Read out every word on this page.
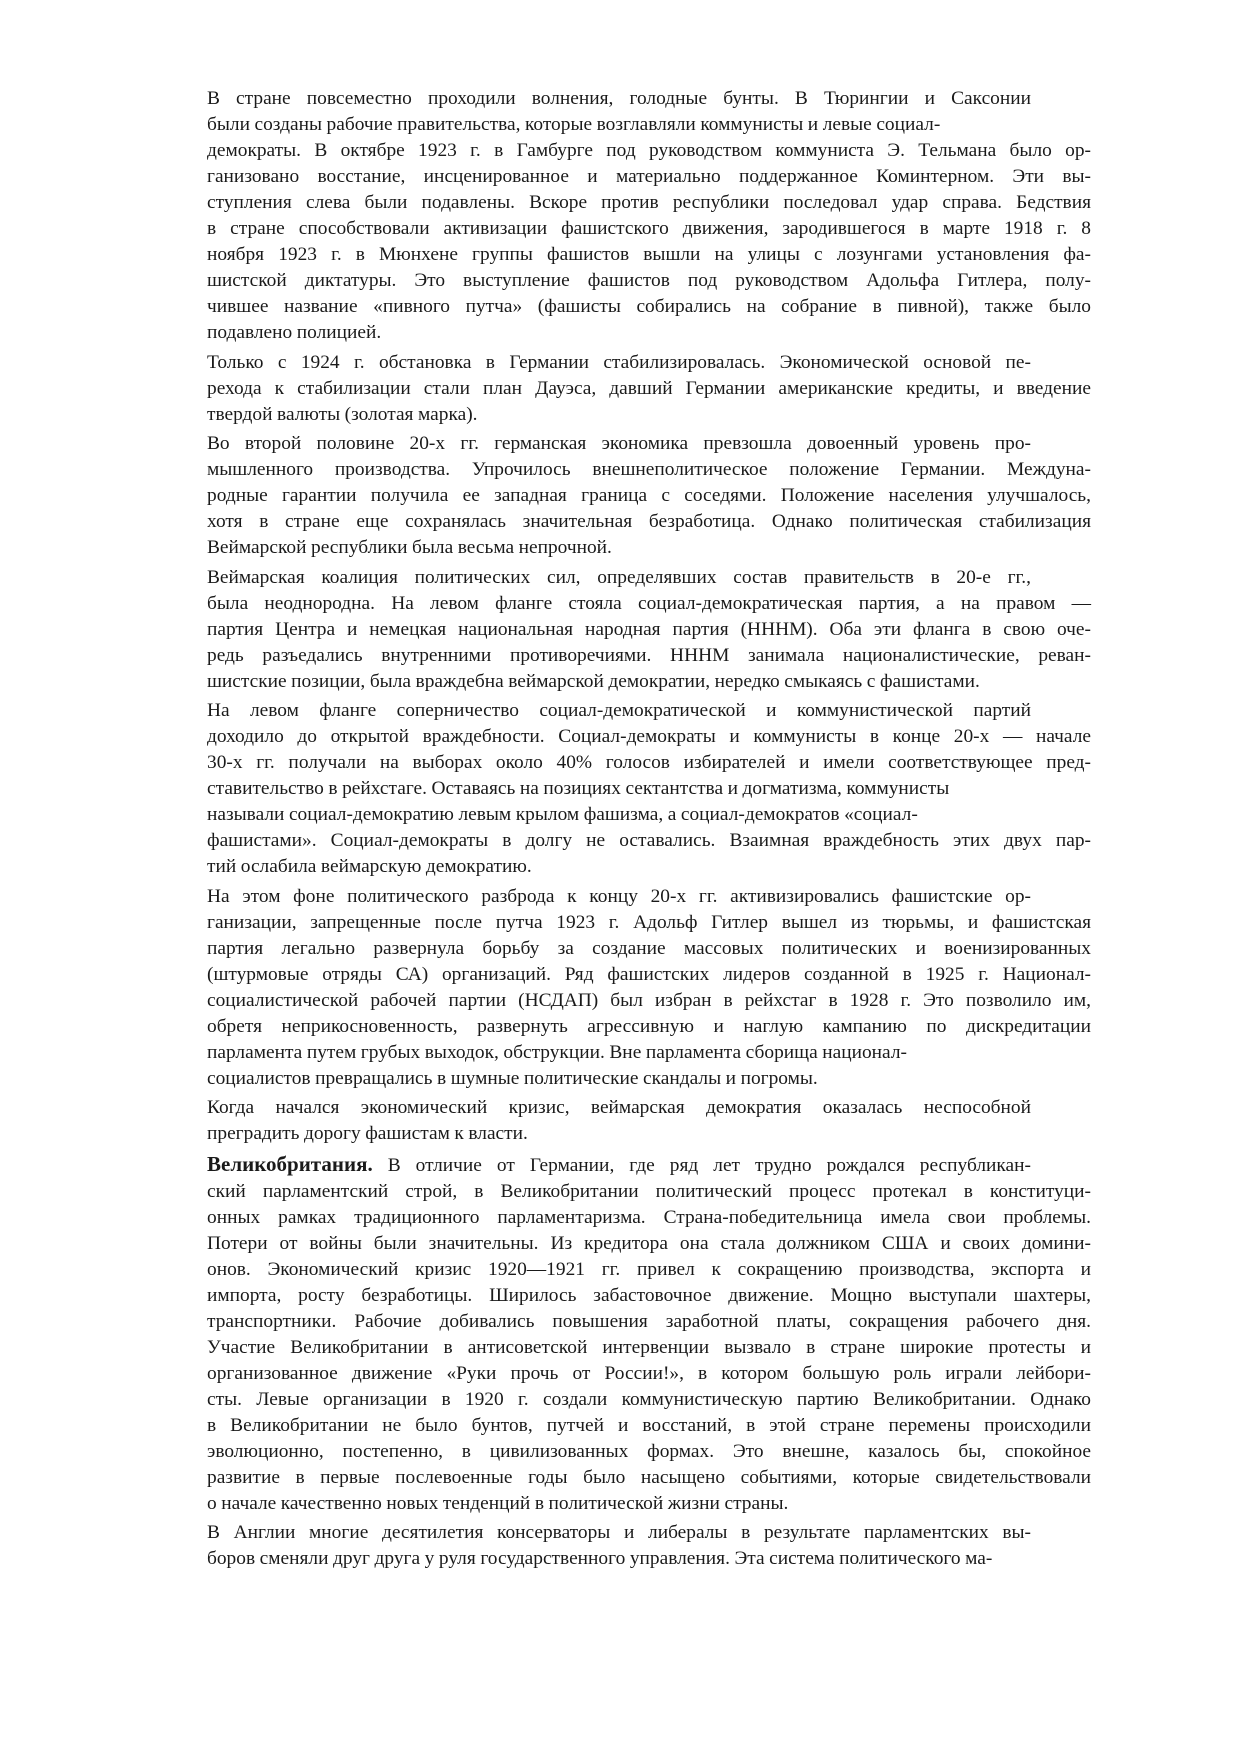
В стране повсеместно проходили волнения, голодные бунты. В Тюрингии и Саксонии
были созданы рабочие правительства, которые возглавляли коммунисты и левые социал-
демократы. В октябре 1923 г. в Гамбурге под руководством коммуниста Э. Тельмана было ор-
ганизовано восстание, инсценированное и материально поддержанное Коминтерном. Эти вы-
ступления слева были подавлены. Вскоре против республики последовал удар справа. Бедствия
в стране способствовали активизации фашистского движения, зародившегося в марте 1918 г. 8
ноября 1923 г. в Мюнхене группы фашистов вышли на улицы с лозунгами установления фа-
шистской диктатуры. Это выступление фашистов под руководством Адольфа Гитлера, полу-
чившее название «пивного путча» (фашисты собирались на собрание в пивной), также было
подавлено полицией.

Только с 1924 г. обстановка в Германии стабилизировалась. Экономической основой пе-
рехода к стабилизации стали план Дауэса, давший Германии американские кредиты, и введение
твердой валюты (золотая марка).

Во второй половине 20-х гг. германская экономика превзошла довоенный уровень про-
мышленного производства. Упрочилось внешнеполитическое положение Германии. Междуна-
родные гарантии получила ее западная граница с соседями. Положение населения улучшалось,
хотя в стране еще сохранялась значительная безработица. Однако политическая стабилизация
Веймарской республики была весьма непрочной.

Веймарская коалиция политических сил, определявших состав правительств в 20-е гг.,
была неоднородна. На левом фланге стояла социал-демократическая партия, а на правом —
партия Центра и немецкая национальная народная партия (НННМ). Оба эти фланга в свою оче-
редь разъедались внутренними противоречиями. НННМ занимала националистические, реван-
шистские позиции, была враждебна веймарской демократии, нередко смыкаясь с фашистами.

На левом фланге соперничество социал-демократической и коммунистической партий
доходило до открытой враждебности. Социал-демократы и коммунисты в конце 20-х — начале
30-х гг. получали на выборах около 40% голосов избирателей и имели соответствующее пред-
ставительство в рейхстаге. Оставаясь на позициях сектантства и догматизма, коммунисты
называли социал-демократию левым крылом фашизма, а социал-демократов «социал-
фашистами». Социал-демократы в долгу не оставались. Взаимная враждебность этих двух пар-
тий ослабила веймарскую демократию.

На этом фоне политического разброда к концу 20-х гг. активизировались фашистские ор-
ганизации, запрещенные после путча 1923 г. Адольф Гитлер вышел из тюрьмы, и фашистская
партия легально развернула борьбу за создание массовых политических и военизированных
(штурмовые отряды СА) организаций. Ряд фашистских лидеров созданной в 1925 г. Национал-
социалистической рабочей партии (НСДАП) был избран в рейхстаг в 1928 г. Это позволило им,
обретя неприкосновенность, развернуть агрессивную и наглую кампанию по дискредитации
парламента путем грубых выходок, обструкции. Вне парламента сборища национал-
социалистов превращались в шумные политические скандалы и погромы.

Когда начался экономический кризис, веймарская демократия оказалась неспособной
преградить дорогу фашистам к власти.

Великобритания. В отличие от Германии, где ряд лет трудно рождался республикан-
ский парламентский строй, в Великобритании политический процесс протекал в конституци-
онных рамках традиционного парламентаризма. Страна-победительница имела свои проблемы.
Потери от войны были значительны. Из кредитора она стала должником США и своих домини-
онов. Экономический кризис 1920—1921 гг. привел к сокращению производства, экспорта и
импорта, росту безработицы. Ширилось забастовочное движение. Мощно выступали шахтеры,
транспортники. Рабочие добивались повышения заработной платы, сокращения рабочего дня.
Участие Великобритании в антисоветской интервенции вызвало в стране широкие протесты и
организованное движение «Руки прочь от России!», в котором большую роль играли лейбори-
сты. Левые организации в 1920 г. создали коммунистическую партию Великобритании. Однако
в Великобритании не было бунтов, путчей и восстаний, в этой стране перемены происходили
эволюционно, постепенно, в цивилизованных формах. Это внешне, казалось бы, спокойное
развитие в первые послевоенные годы было насыщено событиями, которые свидетельствовали
о начале качественно новых тенденций в политической жизни страны.

В Англии многие десятилетия консерваторы и либералы в результате парламентских вы-
боров сменяли друг друга у руля государственного управления. Эта система политического ма-
